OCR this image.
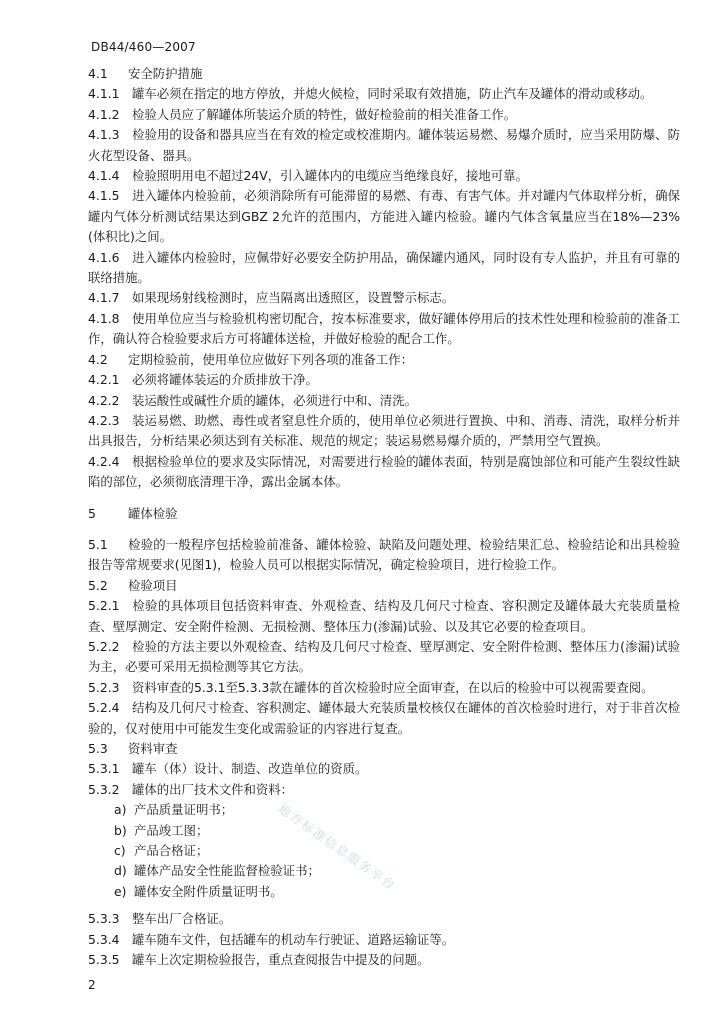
DB44/460—2007

4.1 安全防护措施

4.1.1 罐车必须在指定的地方停放，并熄火候检，同时采取有效措施，防止汽车及罐体的滑动或移动。

4.1.2 检验人员应了解罐体所装运介质的特性，做好检验前的相关准备工作。

4.1.3 检验用的设备和器具应当在有效的检定或校准期内。罐体装运易燃、易爆介质时，应当采用防爆、防火花型设备、器具。

4.1.4 检验照明用电不超过24V，引入罐体内的电缆应当绝缘良好，接地可靠。

4.1.5 进入罐体内检验前，必须消除所有可能滞留的易燃、有毒、有害气体。并对罐内气体取样分析，确保罐内气体分析测试结果达到GBZ 2允许的范围内，方能进入罐内检验。罐内气体含氧量应当在18%—23%(体积比)之间。

4.1.6 进入罐体内检验时，应佩带好必要安全防护用品，确保罐内通风，同时设有专人监护，并且有可靠的联络措施。

4.1.7 如果现场射线检测时，应当隔离出透照区，设置警示标志。

4.1.8 使用单位应当与检验机构密切配合，按本标准要求，做好罐体停用后的技术性处理和检验前的准备工作，确认符合检验要求后方可将罐体送检，并做好检验的配合工作。

4.2 定期检验前，使用单位应做好下列各项的准备工作：

4.2.1 必须将罐体装运的介质排放干净。

4.2.2 装运酸性或碱性介质的罐体，必须进行中和、清洗。

4.2.3 装运易燃、助燃、毒性或者窒息性介质的，使用单位必须进行置换、中和、消毒、清洗，取样分析并出具报告，分析结果必须达到有关标准、规范的规定；装运易燃易爆介质的，严禁用空气置换。

4.2.4 根据检验单位的要求及实际情况，对需要进行检验的罐体表面，特别是腐蚀部位和可能产生裂纹性缺陷的部位，必须彻底清理干净，露出金属本体。

5	罐体检验

5.1 检验的一般程序包括检验前准备、罐体检验、缺陷及问题处理、检验结果汇总、检验结论和出具检验报告等常规要求(见图1)，检验人员可以根据实际情况，确定检验项目，进行检验工作。

5.2 检验项目

5.2.1 检验的具体项目包括资料审查、外观检查、结构及几何尺寸检查、容积测定及罐体最大充装质量检查、壁厚测定、安全附件检测、无损检测、整体压力(渗漏)试验、以及其它必要的检查项目。

5.2.2 检验的方法主要以外观检查、结构及几何尺寸检查、壁厚测定、安全附件检测、整体压力(渗漏)试验为主，必要可采用无损检测等其它方法。

5.2.3 资料审查的5.3.1至5.3.3款在罐体的首次检验时应全面审查，在以后的检验中可以视需要查阅。

5.2.4 结构及几何尺寸检查、容积测定、罐体最大充装质量校核仅在罐体的首次检验时进行，对于非首次检验的，仅对使用中可能发生变化或需验证的内容进行复查。

5.3 资料审查

5.3.1 罐车（体）设计、制造、改造单位的资质。

5.3.2 罐体的出厂技术文件和资料：

a) 产品质量证明书；

b) 产品竣工图；

c) 产品合格证；

d) 罐体产品安全性能监督检验证书；

e) 罐体安全附件质量证明书。

5.3.3 整车出厂合格证。

5.3.4 罐车随车文件，包括罐车的机动车行驶证、道路运输证等。

5.3.5 罐车上次定期检验报告，重点查阅报告中提及的问题。

地方标准信息服务平台
2
